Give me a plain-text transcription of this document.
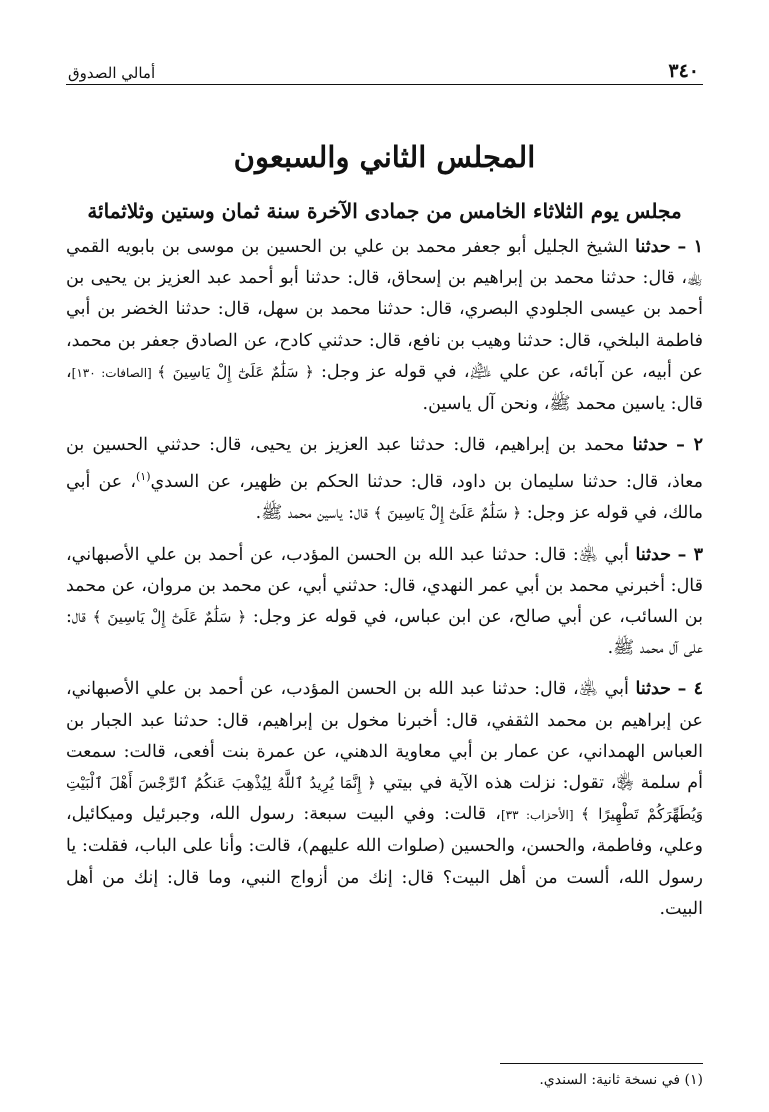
٣٤٠
أمالي الصدوق
المجلس الثاني والسبعون
مجلس يوم الثلاثاء الخامس من جمادى الآخرة سنة ثمان وستين وثلاثمائة

١ – حدثنا الشيخ الجليل أبو جعفر محمد بن علي بن الحسين بن موسى بن بابويه القمي ﵀، قال: حدثنا محمد بن إبراهيم بن إسحاق، قال: حدثنا أبو أحمد عبد العزيز بن يحيى بن أحمد بن عيسى الجلودي البصري، قال: حدثنا محمد بن سهل، قال: حدثنا الخضر بن أبي فاطمة البلخي، قال: حدثنا وهيب بن نافع، قال: حدثني كادح، عن الصادق جعفر بن محمد، عن أبيه، عن آبائه، عن علي ﵇، في قوله عز وجل: ﴿ سَلَٰمٌ عَلَىٰٓ إِلْ يَاسِينَ ﴾ [الصافات: ١٣٠]، قال: ياسين محمد ﷺ، ونحن آل ياسين.

٢ – حدثنا محمد بن إبراهيم، قال: حدثنا عبد العزيز بن يحيى، قال: حدثني الحسين بن معاذ، قال: حدثنا سليمان بن داود، قال: حدثنا الحكم بن ظهير، عن السدي$^{(١)}$، عن أبي مالك، في قوله عز وجل: ﴿ سَلَٰمٌ عَلَىٰٓ إِلْ يَاسِينَ ﴾ قال: ياسين محمد ﷺ.

٣ – حدثنا أبي ﵁: قال: حدثنا عبد الله بن الحسن المؤدب، عن أحمد بن علي الأصبهاني، قال: أخبرني محمد بن أبي عمر النهدي، قال: حدثني أبي، عن محمد بن مروان، عن محمد بن السائب، عن أبي صالح، عن ابن عباس، في قوله عز وجل: ﴿ سَلَٰمٌ عَلَىٰٓ إِلْ يَاسِينَ ﴾ قال: على آل محمد ﷺ.

٤ – حدثنا أبي ﵁، قال: حدثنا عبد الله بن الحسن المؤدب، عن أحمد بن علي الأصبهاني، عن إبراهيم بن محمد الثقفي، قال: أخبرنا مخول بن إبراهيم، قال: حدثنا عبد الجبار بن العباس الهمداني، عن عمار بن أبي معاوية الدهني، عن عمرة بنت أفعى، قالت: سمعت أم سلمة ﵂، تقول: نزلت هذه الآية في بيتي ﴿ إِنَّمَا يُرِيدُ ٱللَّهُ لِيُذْهِبَ عَنكُمُ ٱلرِّجْسَ أَهْلَ ٱلْبَيْتِ وَيُطَهِّرَكُمْ تَطْهِيرًا ﴾ [الأحزاب: ٣٣]، قالت: وفي البيت سبعة: رسول الله، وجبرئيل وميكائيل، وعلي، وفاطمة، والحسن، والحسين (صلوات الله عليهم)، قالت: وأنا على الباب، فقلت: يا رسول الله، ألست من أهل البيت؟ قال: إنك من أزواج النبي، وما قال: إنك من أهل البيت.

(١) في نسخة ثانية: السندي.
